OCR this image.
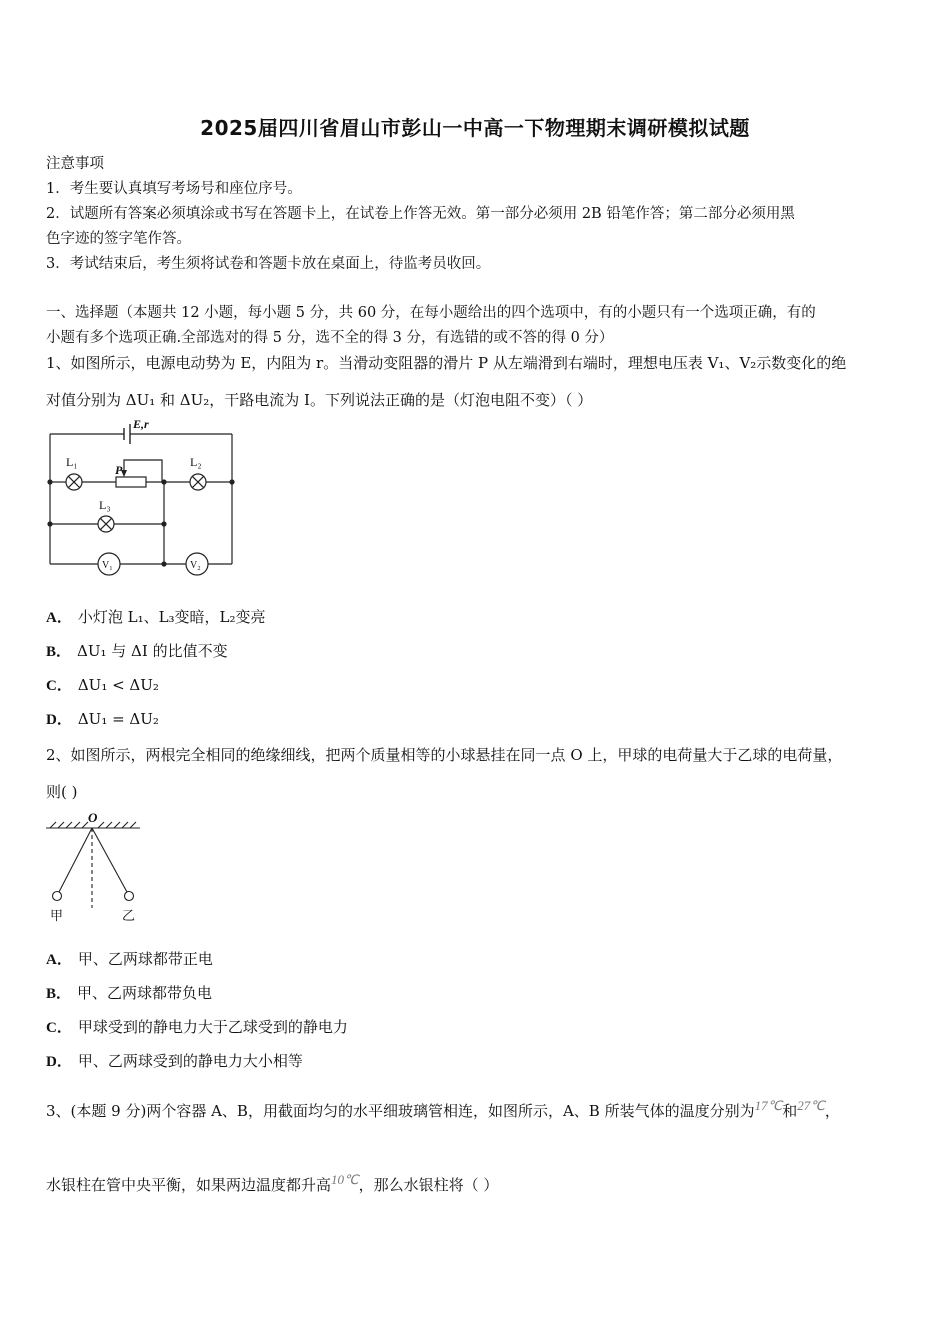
2025届四川省眉山市彭山一中高一下物理期末调研模拟试题
注意事项
1．考生要认真填写考场号和座位序号。
2．试题所有答案必须填涂或书写在答题卡上，在试卷上作答无效。第一部分必须用 2B 铅笔作答；第二部分必须用黑
色字迹的签字笔作答。
3．考试结束后，考生须将试卷和答题卡放在桌面上，待监考员收回。
一、选择题（本题共 12 小题，每小题 5 分，共 60 分，在每小题给出的四个选项中，有的小题只有一个选项正确，有的
小题有多个选项正确.全部选对的得 5 分，选不全的得 3 分，有选错的或不答的得 0 分）
1、如图所示，电源电动势为 E，内阻为 r。当滑动变阻器的滑片 P 从左端滑到右端时，理想电压表 V₁、V₂示数变化的绝
对值分别为 ΔU₁ 和 ΔU₂，干路电流为 I。下列说法正确的是（灯泡电阻不变）（ ）
E,r
P
L₁	L₂
L₃
V₁	V₂
A． 小灯泡 L₁、L₃变暗，L₂变亮
B． ΔU₁ 与 ΔI 的比值不变
C． ΔU₁ < ΔU₂
D． ΔU₁ = ΔU₂
2、如图所示，两根完全相同的绝缘细线，把两个质量相等的小球悬挂在同一点 O 上，甲球的电荷量大于乙球的电荷量，
则( )
O
甲	乙
A． 甲、乙两球都带正电
B． 甲、乙两球都带负电
C． 甲球受到的静电力大于乙球受到的静电力
D． 甲、乙两球受到的静电力大小相等
3、(本题 9 分)两个容器 A、B，用截面均匀的水平细玻璃管相连，如图所示，A、B 所装气体的温度分别为17℃和27℃，
水银柱在管中央平衡，如果两边温度都升高10℃，那么水银柱将（ ）
